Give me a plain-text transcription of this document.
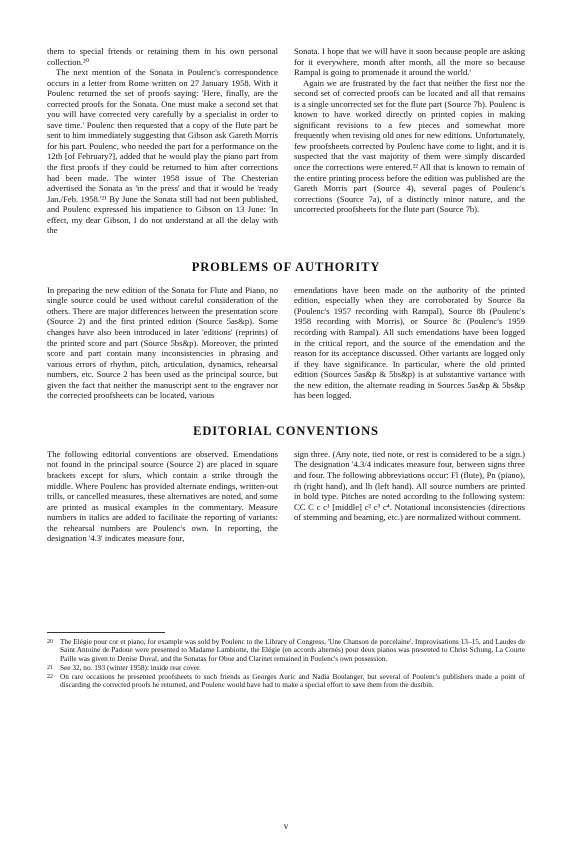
them to special friends or retaining them in his own personal collection.²⁰

The next mention of the Sonata in Poulenc's correspondence occurs in a letter from Rome written on 27 January 1958. With it Poulenc returned the set of proofs saying: 'Here, finally, are the corrected proofs for the Sonata. One must make a second set that you will have corrected very carefully by a specialist in order to save time.' Poulenc then requested that a copy of the flute part be sent to him immediately suggesting that Gibson ask Gareth Morris for his part. Poulenc, who needed the part for a performance on the 12th [of February?], added that he would play the piano part from the first proofs if they could be returned to him after corrections had been made. The winter 1958 issue of The Chesterian advertised the Sonata as 'in the press' and that it would be 'ready Jan./Feb. 1958.'²¹ By June the Sonata still had not been published, and Poulenc expressed his impatience to Gibson on 13 June: 'In effect, my dear Gibson, I do not understand at all the delay with the

Sonata. I hope that we will have it soon because people are asking for it everywhere, month after month, all the more so because Rampal is going to promenade it around the world.'

Again we are frustrated by the fact that neither the first nor the second set of corrected proofs can be located and all that remains is a single uncorrected set for the flute part (Source 7b). Poulenc is known to have worked directly on printed copies in making significant revisions to a few pieces and somewhat more frequently when revising old ones for new editions. Unfortunately, few proofsheets corrected by Poulenc have come to light, and it is suspected that the vast majority of them were simply discarded once the corrections were entered.²² All that is known to remain of the entire printing process before the edition was published are the Gareth Morris part (Source 4), several pages of Poulenc's corrections (Source 7a), of a distinctly minor nature, and the uncorrected proofsheets for the flute part (Source 7b).

PROBLEMS OF AUTHORITY

In preparing the new edition of the Sonata for Flute and Piano, no single source could be used without careful consideration of the others. There are major differences between the presentation score (Source 2) and the first printed edition (Source 5as&p). Some changes have also been introduced in later 'editions' (reprints) of the printed score and part (Source 5bs&p). Moreover, the printed score and part contain many inconsistencies in phrasing and various errors of rhythm, pitch, articulation, dynamics, rehearsal numbers, etc. Source 2 has been used as the principal source, but given the fact that neither the manuscript sent to the engraver nor the corrected proofsheets can be located, various

emendations have been made on the authority of the printed edition, especially when they are corroborated by Source 8a (Poulenc's 1957 recording with Rampal), Source 8b (Poulenc's 1958 recording with Morris), or Source 8c (Poulenc's 1959 recording with Rampal). All such emendations have been logged in the critical report, and the source of the emendation and the reason for its acceptance discussed. Other variants are logged only if they have significance. In particular, where the old printed edition (Sources 5as&p & 5bs&p) is at substantive variance with the new edition, the alternate reading in Sources 5as&p & 5bs&p has been logged.

EDITORIAL CONVENTIONS

The following editorial conventions are observed. Emendations not found in the principal source (Source 2) are placed in square brackets except for slurs, which contain a strike through the middle. Where Poulenc has provided alternate endings, written-out trills, or cancelled measures, these alternatives are noted, and some are printed as musical examples in the commentary. Measure numbers in italics are added to facilitate the reporting of variants: the rehearsal numbers are Poulenc's own. In reporting, the designation '4.3' indicates measure four,

sign three. (Any note, tied note, or rest is considered to be a sign.) The designation '4.3/4 indicates measure four, between signs three and four. The following abbreviations occur: Fl (flute), Pn (piano), rh (right hand), and lh (left hand). All source numbers are printed in bold type. Pitches are noted according to the following system: CC C c c¹ [middle] c² c³ c⁴. Notational inconsistencies (directions of stemming and beaming, etc.) are normalized without comment.

20 The Elégie pour cor et piano, for example was sold by Poulenc to the Library of Congress, 'Une Chanson de porcelaine', Improvisations 13–15, and Laudes de Saint Antoine de Padoue were presented to Madame Lambiotte, the Elégie (en accords alternés) pour deux pianos was presented to Christ Schung, La Courte Paille was given to Denise Duval, and the Sonatas for Oboe and Clarinet remained in Poulenc's own possession.
21 See 32, no. 193 (winter 1958): inside rear cover.
22 On rare occasions he presented proofsheets to such friends as Georges Auric and Nadia Boulanger, but several of Poulenc's publishers made a point of discarding the corrected proofs he returned, and Poulenc would have had to make a special effort to save them from the dustbin.
v
